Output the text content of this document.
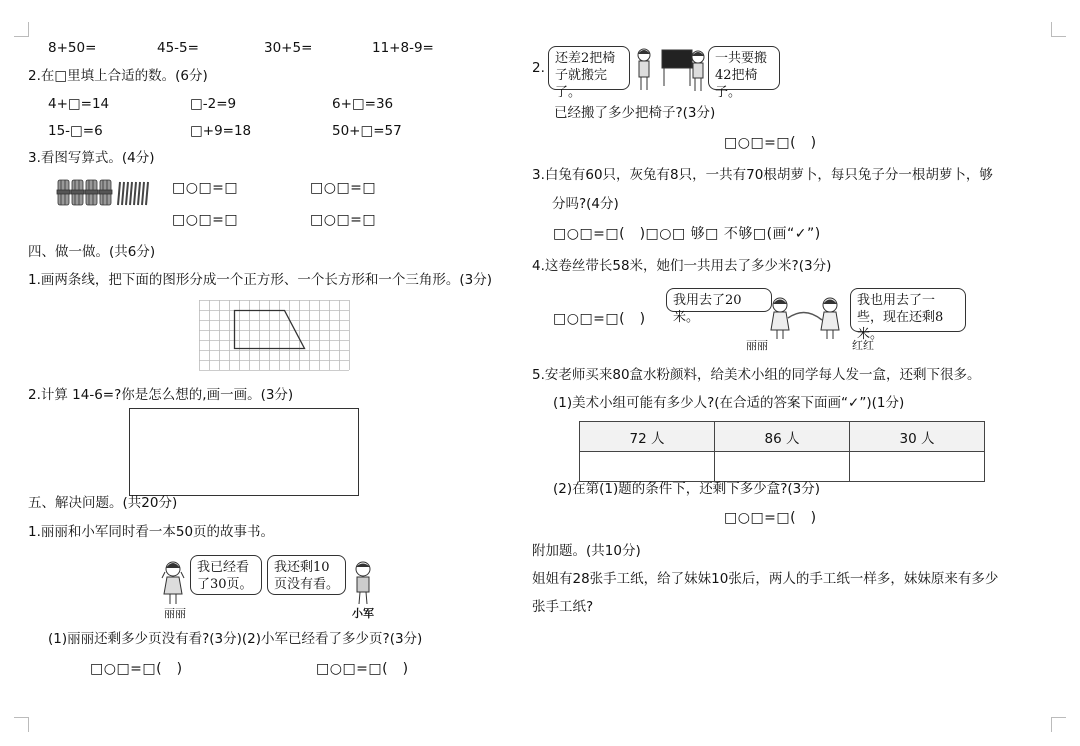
8+50=	45-5=	30+5=	11+8-9=
2.在□里填上合适的数。(6分)
4+□=14	□-2=9	6+□=36
15-□=6	□+9=18	50+□=57
3.看图写算式。(4分)
□○□=□	□○□=□
□○□=□	□○□=□
四、做一做。(共6分)
1.画两条线，把下面的图形分成一个正方形、一个长方形和一个三角形。(3分)
2.计算 14-6=?你是怎么想的,画一画。(3分)
五、解决问题。(共20分)
1.丽丽和小军同时看一本50页的故事书。
丽丽
我已经看了30页。
我还剩10页没有看。
小军
(1)丽丽还剩多少页没有看?(3分)(2)小军已经看了多少页?(3分)
□○□=□(　)	□○□=□(　)
2.
还差2把椅子就搬完了。
一共要搬42把椅子。
已经搬了多少把椅子?(3分)
□○□=□(　)
3.白兔有60只，灰兔有8只，一共有70根胡萝卜，每只兔子分一根胡萝卜，够
分吗?(4分)
□○□=□(　)□○□ 够□ 不够□(画“✓”)
4.这卷丝带长58米，她们一共用去了多少米?(3分)
□○□=□(　)
我用去了20米。
我也用去了一些，现在还剩8米。
丽丽	红红
5.安老师买来80盒水粉颜料，给美术小组的同学每人发一盒，还剩下很多。
(1)美术小组可能有多少人?(在合适的答案下面画“✓”)(1分)
72 人	86 人	30 人

(2)在第(1)题的条件下，还剩下多少盒?(3分)
□○□=□(　)
附加题。(共10分)
姐姐有28张手工纸，给了妹妹10张后，两人的手工纸一样多，妹妹原来有多少
张手工纸?
